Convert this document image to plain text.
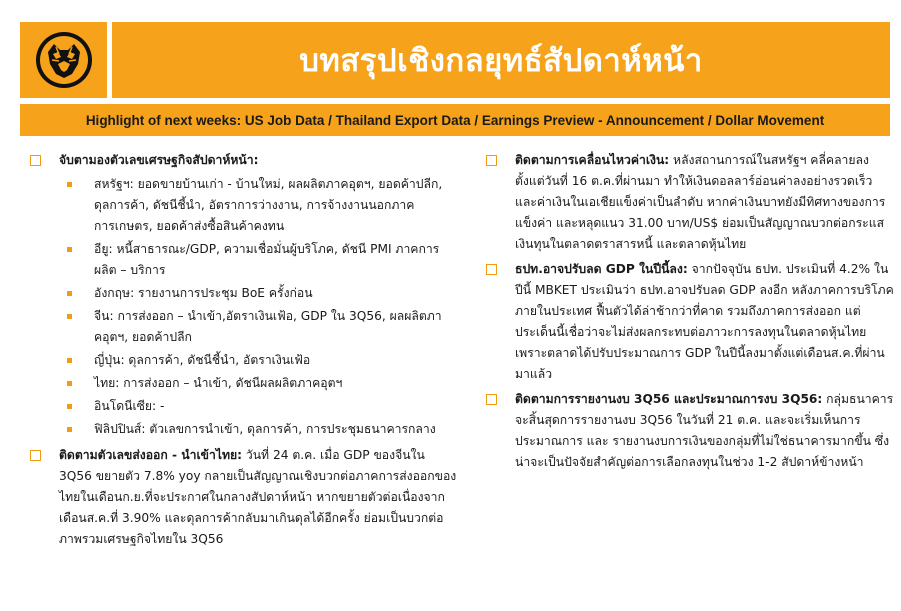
บทสรุปเชิงกลยุทธ์สัปดาห์หน้า
Highlight of next weeks: US Job Data / Thailand Export Data / Earnings Preview - Announcement / Dollar Movement
จับตามองตัวเลขเศรษฐกิจสัปดาห์หน้า:
สหรัฐฯ: ยอดขายบ้านเก่า - บ้านใหม่, ผลผลิตภาคอุตฯ, ยอดค้าปลีก, ดุลการค้า, ดัชนีชี้นำ, อัตราการว่างงาน, การจ้างงานนอกภาคการเกษตร, ยอดค้าส่งซื้อสินค้าคงทน
อียู: หนี้สาธารณะ/GDP, ความเชื่อมั่นผู้บริโภค, ดัชนี PMI ภาคการผลิต – บริการ
อังกฤษ: รายงานการประชุม BoE ครั้งก่อน
จีน: การส่งออก – นำเข้า,อัตราเงินเฟ้อ, GDP ใน 3Q56, ผลผลิตภาคอุตฯ, ยอดค้าปลีก
ญี่ปุ่น: ดุลการค้า, ดัชนีชี้นำ, อัตราเงินเฟ้อ
ไทย: การส่งออก – นำเข้า, ดัชนีผลผลิตภาคอุตฯ
อินโดนีเซีย: -
ฟิลิปปินส์: ตัวเลขการนำเข้า, ดุลการค้า, การประชุมธนาคารกลาง
ติดตามตัวเลขส่งออก - นำเข้าไทย: วันที่ 24 ต.ค. เมื่อ GDP ของจีนใน 3Q56 ขยายตัว 7.8% yoy กลายเป็นสัญญาณเชิงบวกต่อภาคการส่งออกของไทยในเดือนก.ย.ที่จะประกาศในกลางสัปดาห์หน้า หากขยายตัวต่อเนื่องจากเดือนส.ค.ที่ 3.90% และดุลการค้ากลับมาเกินดุลได้อีกครั้ง ย่อมเป็นบวกต่อภาพรวมเศรษฐกิจไทยใน 3Q56
ติดตามการเคลื่อนไหวค่าเงิน: หลังสถานการณ์ในสหรัฐฯ คลี่คลายลง ตั้งแต่วันที่ 16 ต.ค.ที่ผ่านมา ทำให้เงินดอลลาร์อ่อนค่าลงอย่างรวดเร็ว และค่าเงินในเอเชียแข็งค่าเป็นลำดับ หากค่าเงินบาทยังมีทิศทางของการแข็งค่า และหลุดแนว 31.00 บาท/US$ ย่อมเป็นสัญญาณบวกต่อกระแสเงินทุนในตลาดตราสารหนี้ และตลาดหุ้นไทย
ธปท.อาจปรับลด GDP ในปีนี้ลง: จากปัจจุบัน ธปท. ประเมินที่ 4.2% ในปีนี้ MBKET ประเมินว่า ธปท.อาจปรับลด GDP ลงอีก หลังภาคการบริโภคภายในประเทศ ฟื้นตัวได้ล่าช้ากว่าที่คาด รวมถึงภาคการส่งออก แต่ประเด็นนี้เชื่อว่าจะไม่ส่งผลกระทบต่อภาวะการลงทุนในตลาดหุ้นไทย เพราะตลาดได้ปรับประมาณการ GDP ในปีนี้ลงมาตั้งแต่เดือนส.ค.ที่ผ่านมาแล้ว
ติดตามการรายงานงบ 3Q56 และประมาณการงบ 3Q56: กลุ่มธนาคารจะสิ้นสุดการรายงานงบ 3Q56 ในวันที่ 21 ต.ค. และจะเริ่มเห็นการประมาณการ และ รายงานงบการเงินของกลุ่มที่ไม่ใช่ธนาคารมากขึ้น ซึ่งน่าจะเป็นปัจจัยสำคัญต่อการเลือกลงทุนในช่วง 1-2 สัปดาห์ข้างหน้า
